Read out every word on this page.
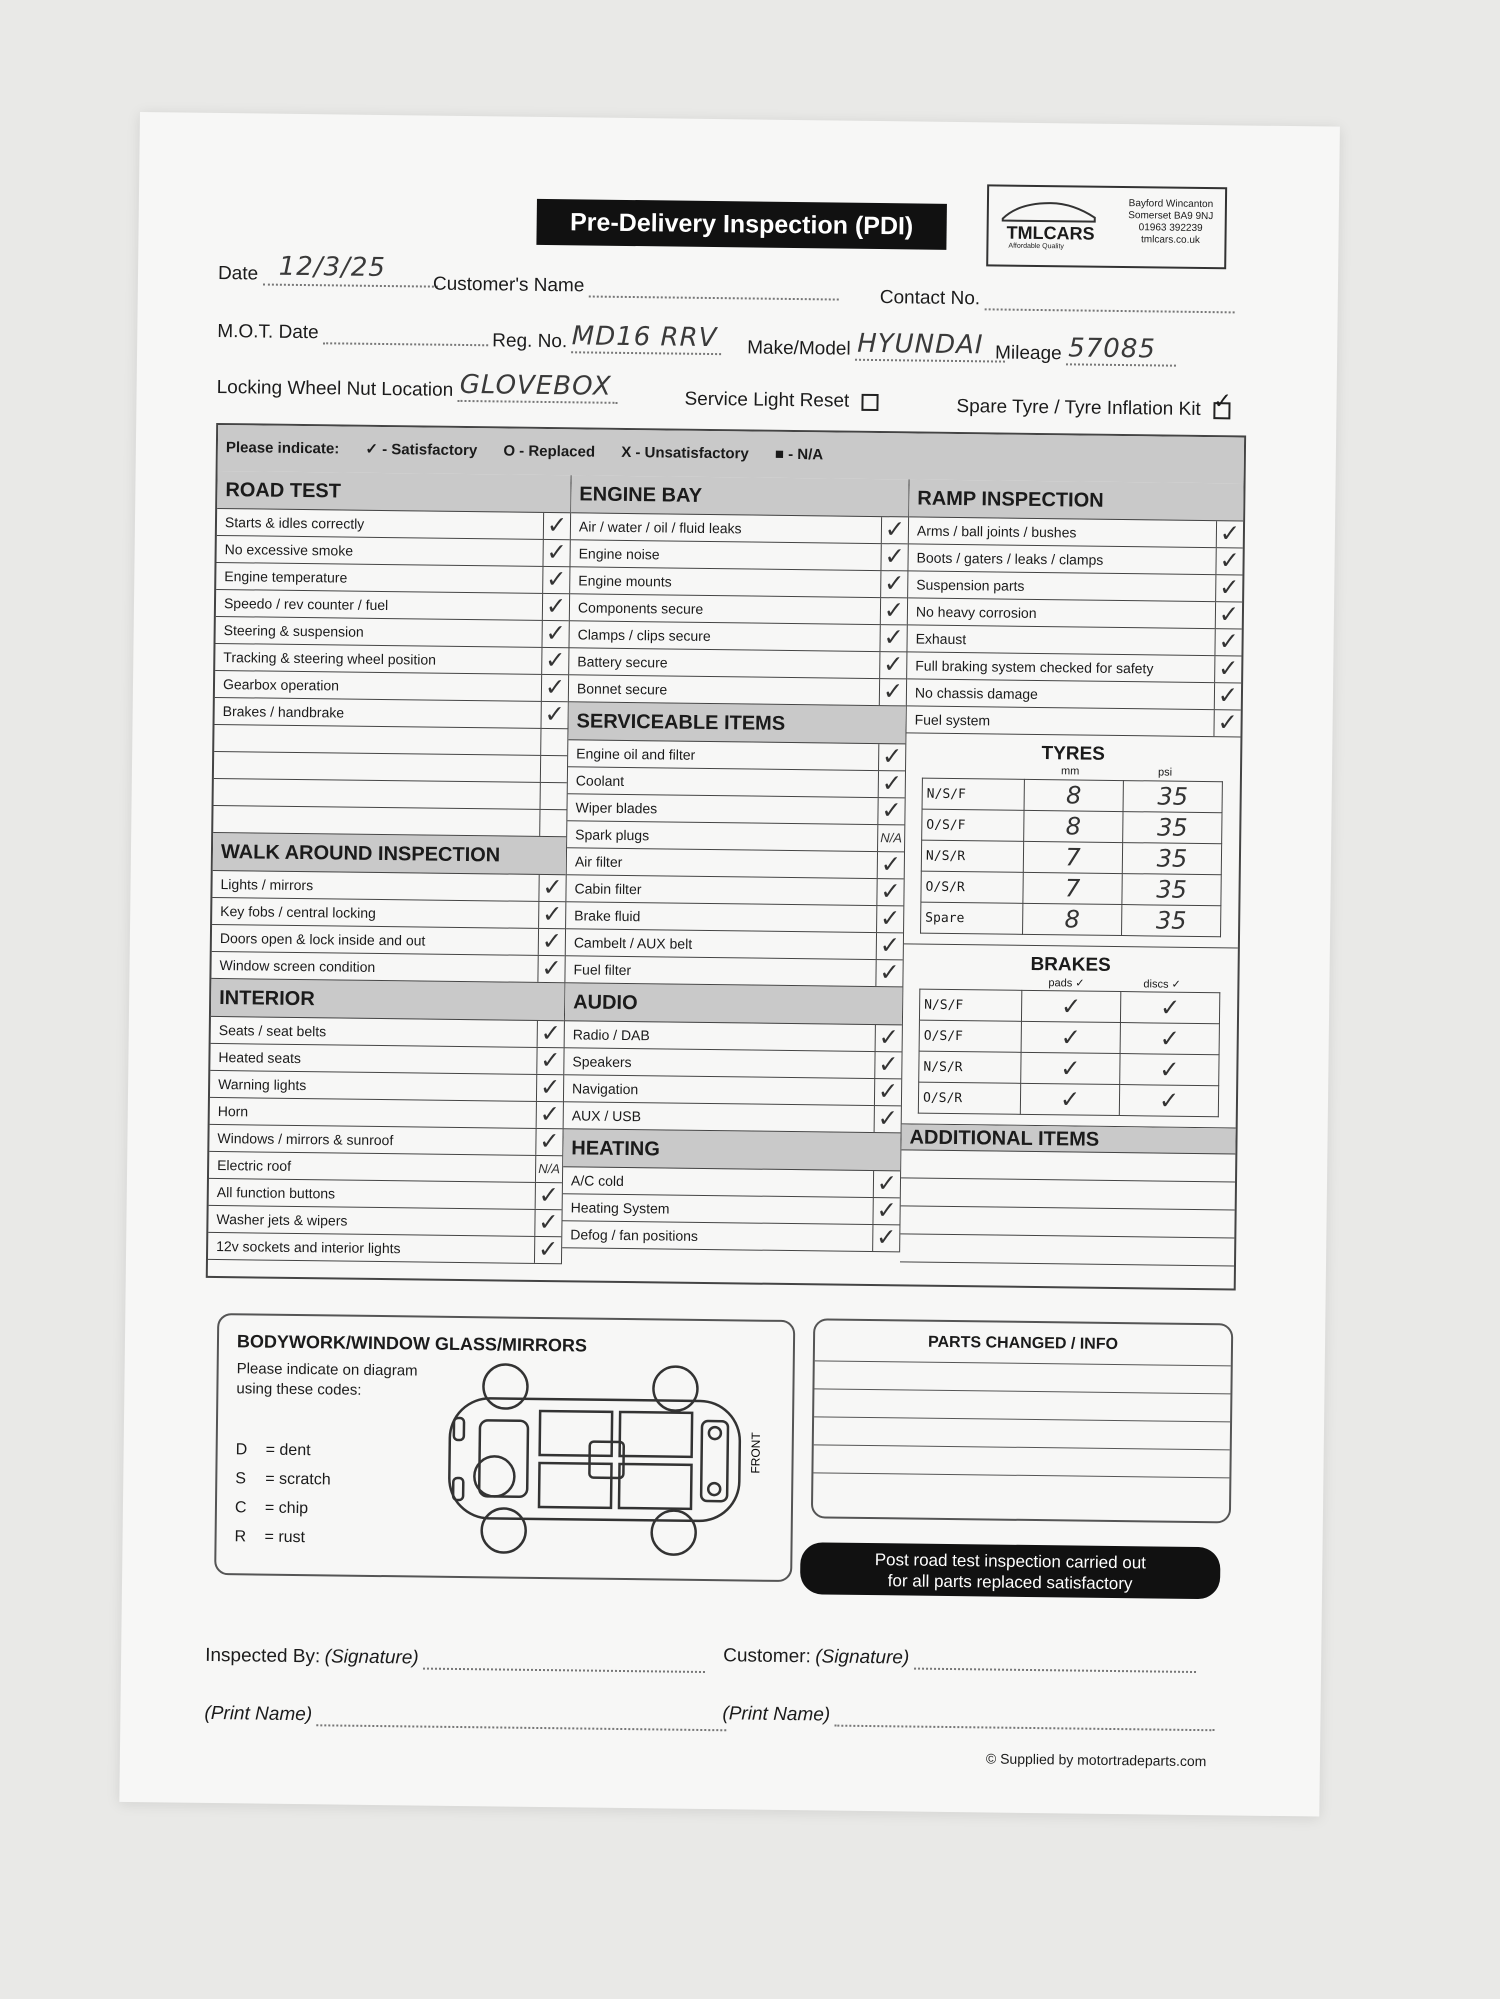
Pre-Delivery Inspection (PDI)	TMLCARS
Affordable Quality
Bayford Wincanton
Somerset BA9 9NJ
01963 392239
tmlcars.co.uk
Date 12/3/25
Customer's Name
Contact No.
M.O.T. Date	Reg. No. MD16 RRV Make/Model HYUNDAI Mileage 57085
Locking Wheel Nut Location GLOVEBOX	Service Light Reset	Spare Tyre / Tyre Inflation Kit ✓
Please indicate: ✓ - Satisfactory O - Replaced X - Unsatisfactory ■ - N/A
ROAD TEST
Starts & idles correctly	✓
No excessive smoke	✓
Engine temperature	✓
Speedo / rev counter / fuel	✓
Steering & suspension	✓
Tracking & steering wheel position	✓
Gearbox operation	✓
Brakes / handbrake	✓
WALK AROUND INSPECTION
Lights / mirrors	✓
Key fobs / central locking	✓
Doors open & lock inside and out	✓
Window screen condition	✓
INTERIOR
Seats / seat belts	✓
Heated seats	✓
Warning lights	✓
Horn	✓
Windows / mirrors & sunroof	✓
Electric roof	N/A
All function buttons	✓
Washer jets & wipers	✓
12v sockets and interior lights	✓
ENGINE BAY
Air / water / oil / fluid leaks	✓
Engine noise	✓
Engine mounts	✓
Components secure	✓
Clamps / clips secure	✓
Battery secure	✓
Bonnet secure	✓
SERVICEABLE ITEMS
Engine oil and filter	✓
Coolant	✓
Wiper blades	✓
Spark plugs	N/A
Air filter	✓
Cabin filter	✓
Brake fluid	✓
Cambelt / AUX belt	✓
Fuel filter	✓
AUDIO
Radio / DAB	✓
Speakers	✓
Navigation	✓
AUX / USB	✓
HEATING
A/C cold	✓
Heating System	✓
Defog / fan positions	✓
RAMP INSPECTION
Arms / ball joints / bushes	✓
Boots / gaters / leaks / clamps	✓
Suspension parts	✓
No heavy corrosion	✓
Exhaust	✓
Full braking system checked for safety	✓
No chassis damage	✓
Fuel system	✓
TYRES
mm	psi
N/S/F	8	35
O/S/F	8	35
N/S/R	7	35
O/S/R	7	35
Spare	8	35
BRAKES
pads ✓	discs ✓
N/S/F	✓	✓
O/S/F	✓	✓
N/S/R	✓	✓
O/S/R	✓	✓
ADDITIONAL ITEMS
BODYWORK/WINDOW GLASS/MIRRORS
Please indicate on diagram
using these codes:
D = dent
S = scratch
C = chip
R = rust
FRONT
PARTS CHANGED / INFO
Post road test inspection carried out
for all parts replaced satisfactory
Inspected By: (Signature)	Customer: (Signature)
(Print Name)	(Print Name)
© Supplied by motortradeparts.com
